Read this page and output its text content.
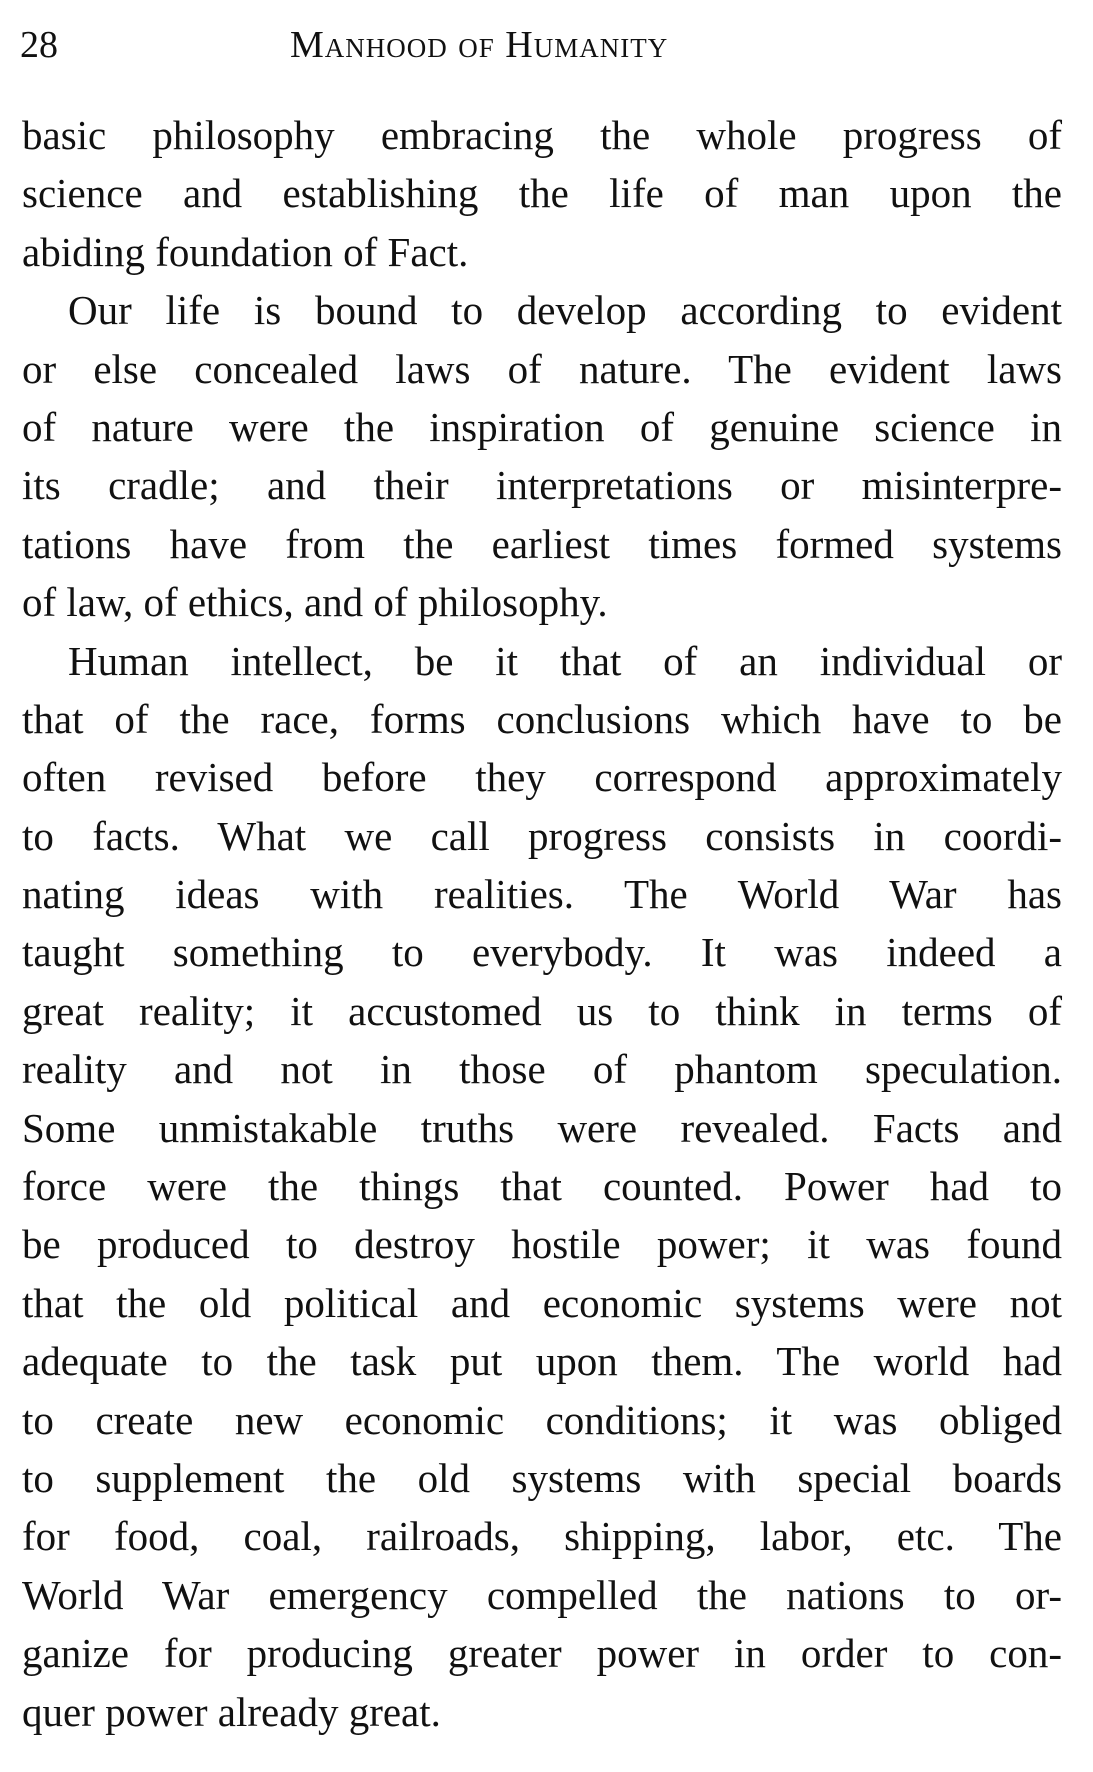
28	Manhood of Humanity
basic philosophy embracing the whole progress of
science and establishing the life of man upon the
abiding foundation of Fact.
Our life is bound to develop according to evident
or else concealed laws of nature. The evident laws
of nature were the inspiration of genuine science in
its cradle; and their interpretations or misinterpre-
tations have from the earliest times formed systems
of law, of ethics, and of philosophy.
Human intellect, be it that of an individual or
that of the race, forms conclusions which have to be
often revised before they correspond approximately
to facts. What we call progress consists in coordi-
nating ideas with realities. The World War has
taught something to everybody. It was indeed a
great reality; it accustomed us to think in terms of
reality and not in those of phantom speculation.
Some unmistakable truths were revealed. Facts and
force were the things that counted. Power had to
be produced to destroy hostile power; it was found
that the old political and economic systems were not
adequate to the task put upon them. The world had
to create new economic conditions; it was obliged
to supplement the old systems with special boards
for food, coal, railroads, shipping, labor, etc. The
World War emergency compelled the nations to or-
ganize for producing greater power in order to con-
quer power already great.
